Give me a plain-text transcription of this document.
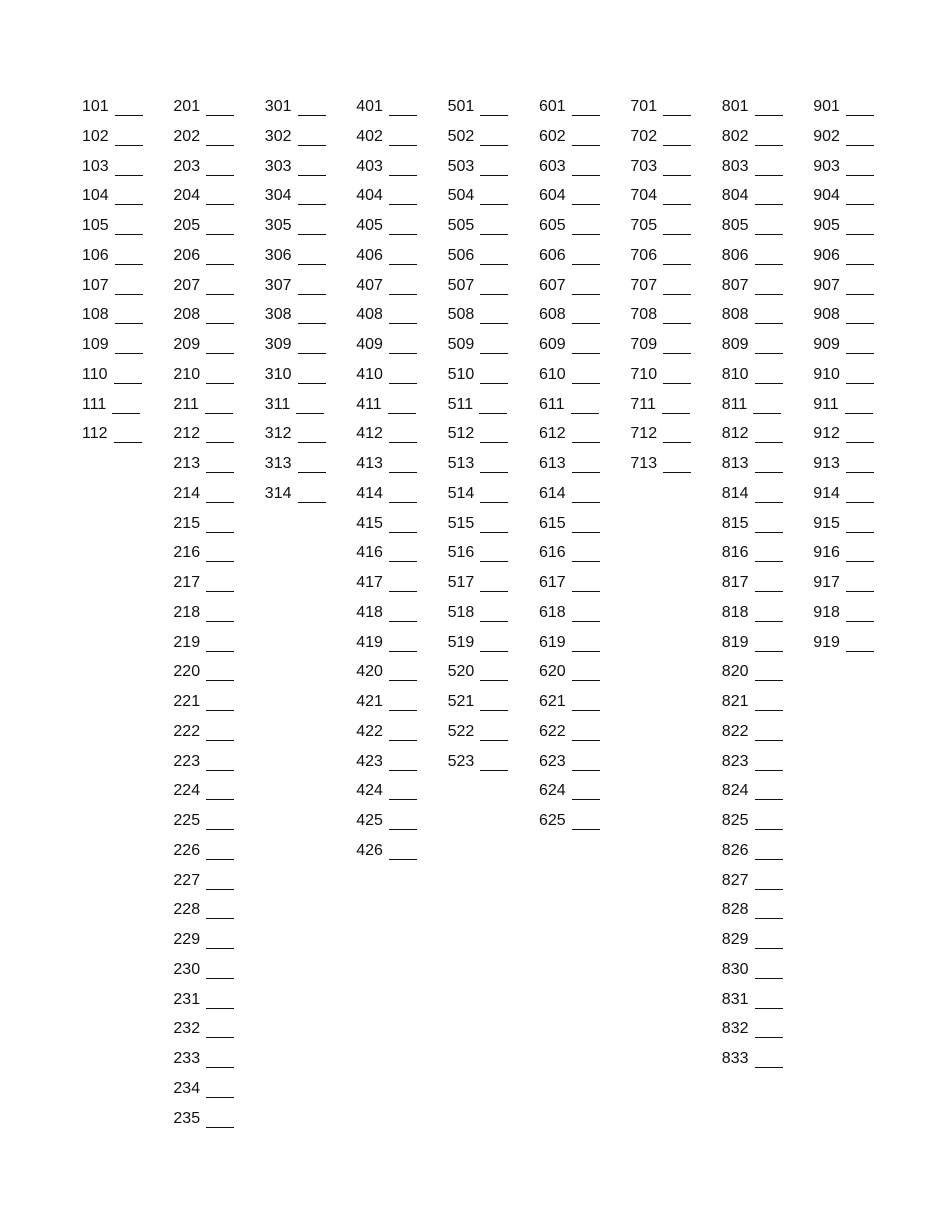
101
102
103
104
105
106
107
108
109
110
111
112
201
202
203
204
205
206
207
208
209
210
211
212
213
214
215
216
217
218
219
220
221
222
223
224
225
226
227
228
229
230
231
232
233
234
235
301
302
303
304
305
306
307
308
309
310
311
312
313
314
401
402
403
404
405
406
407
408
409
410
411
412
413
414
415
416
417
418
419
420
421
422
423
424
425
426
501
502
503
504
505
506
507
508
509
510
511
512
513
514
515
516
517
518
519
520
521
522
523
601
602
603
604
605
606
607
608
609
610
611
612
613
614
615
616
617
618
619
620
621
622
623
624
625
701
702
703
704
705
706
707
708
709
710
711
712
713
801
802
803
804
805
806
807
808
809
810
811
812
813
814
815
816
817
818
819
820
821
822
823
824
825
826
827
828
829
830
831
832
833
901
902
903
904
905
906
907
908
909
910
911
912
913
914
915
916
917
918
919
